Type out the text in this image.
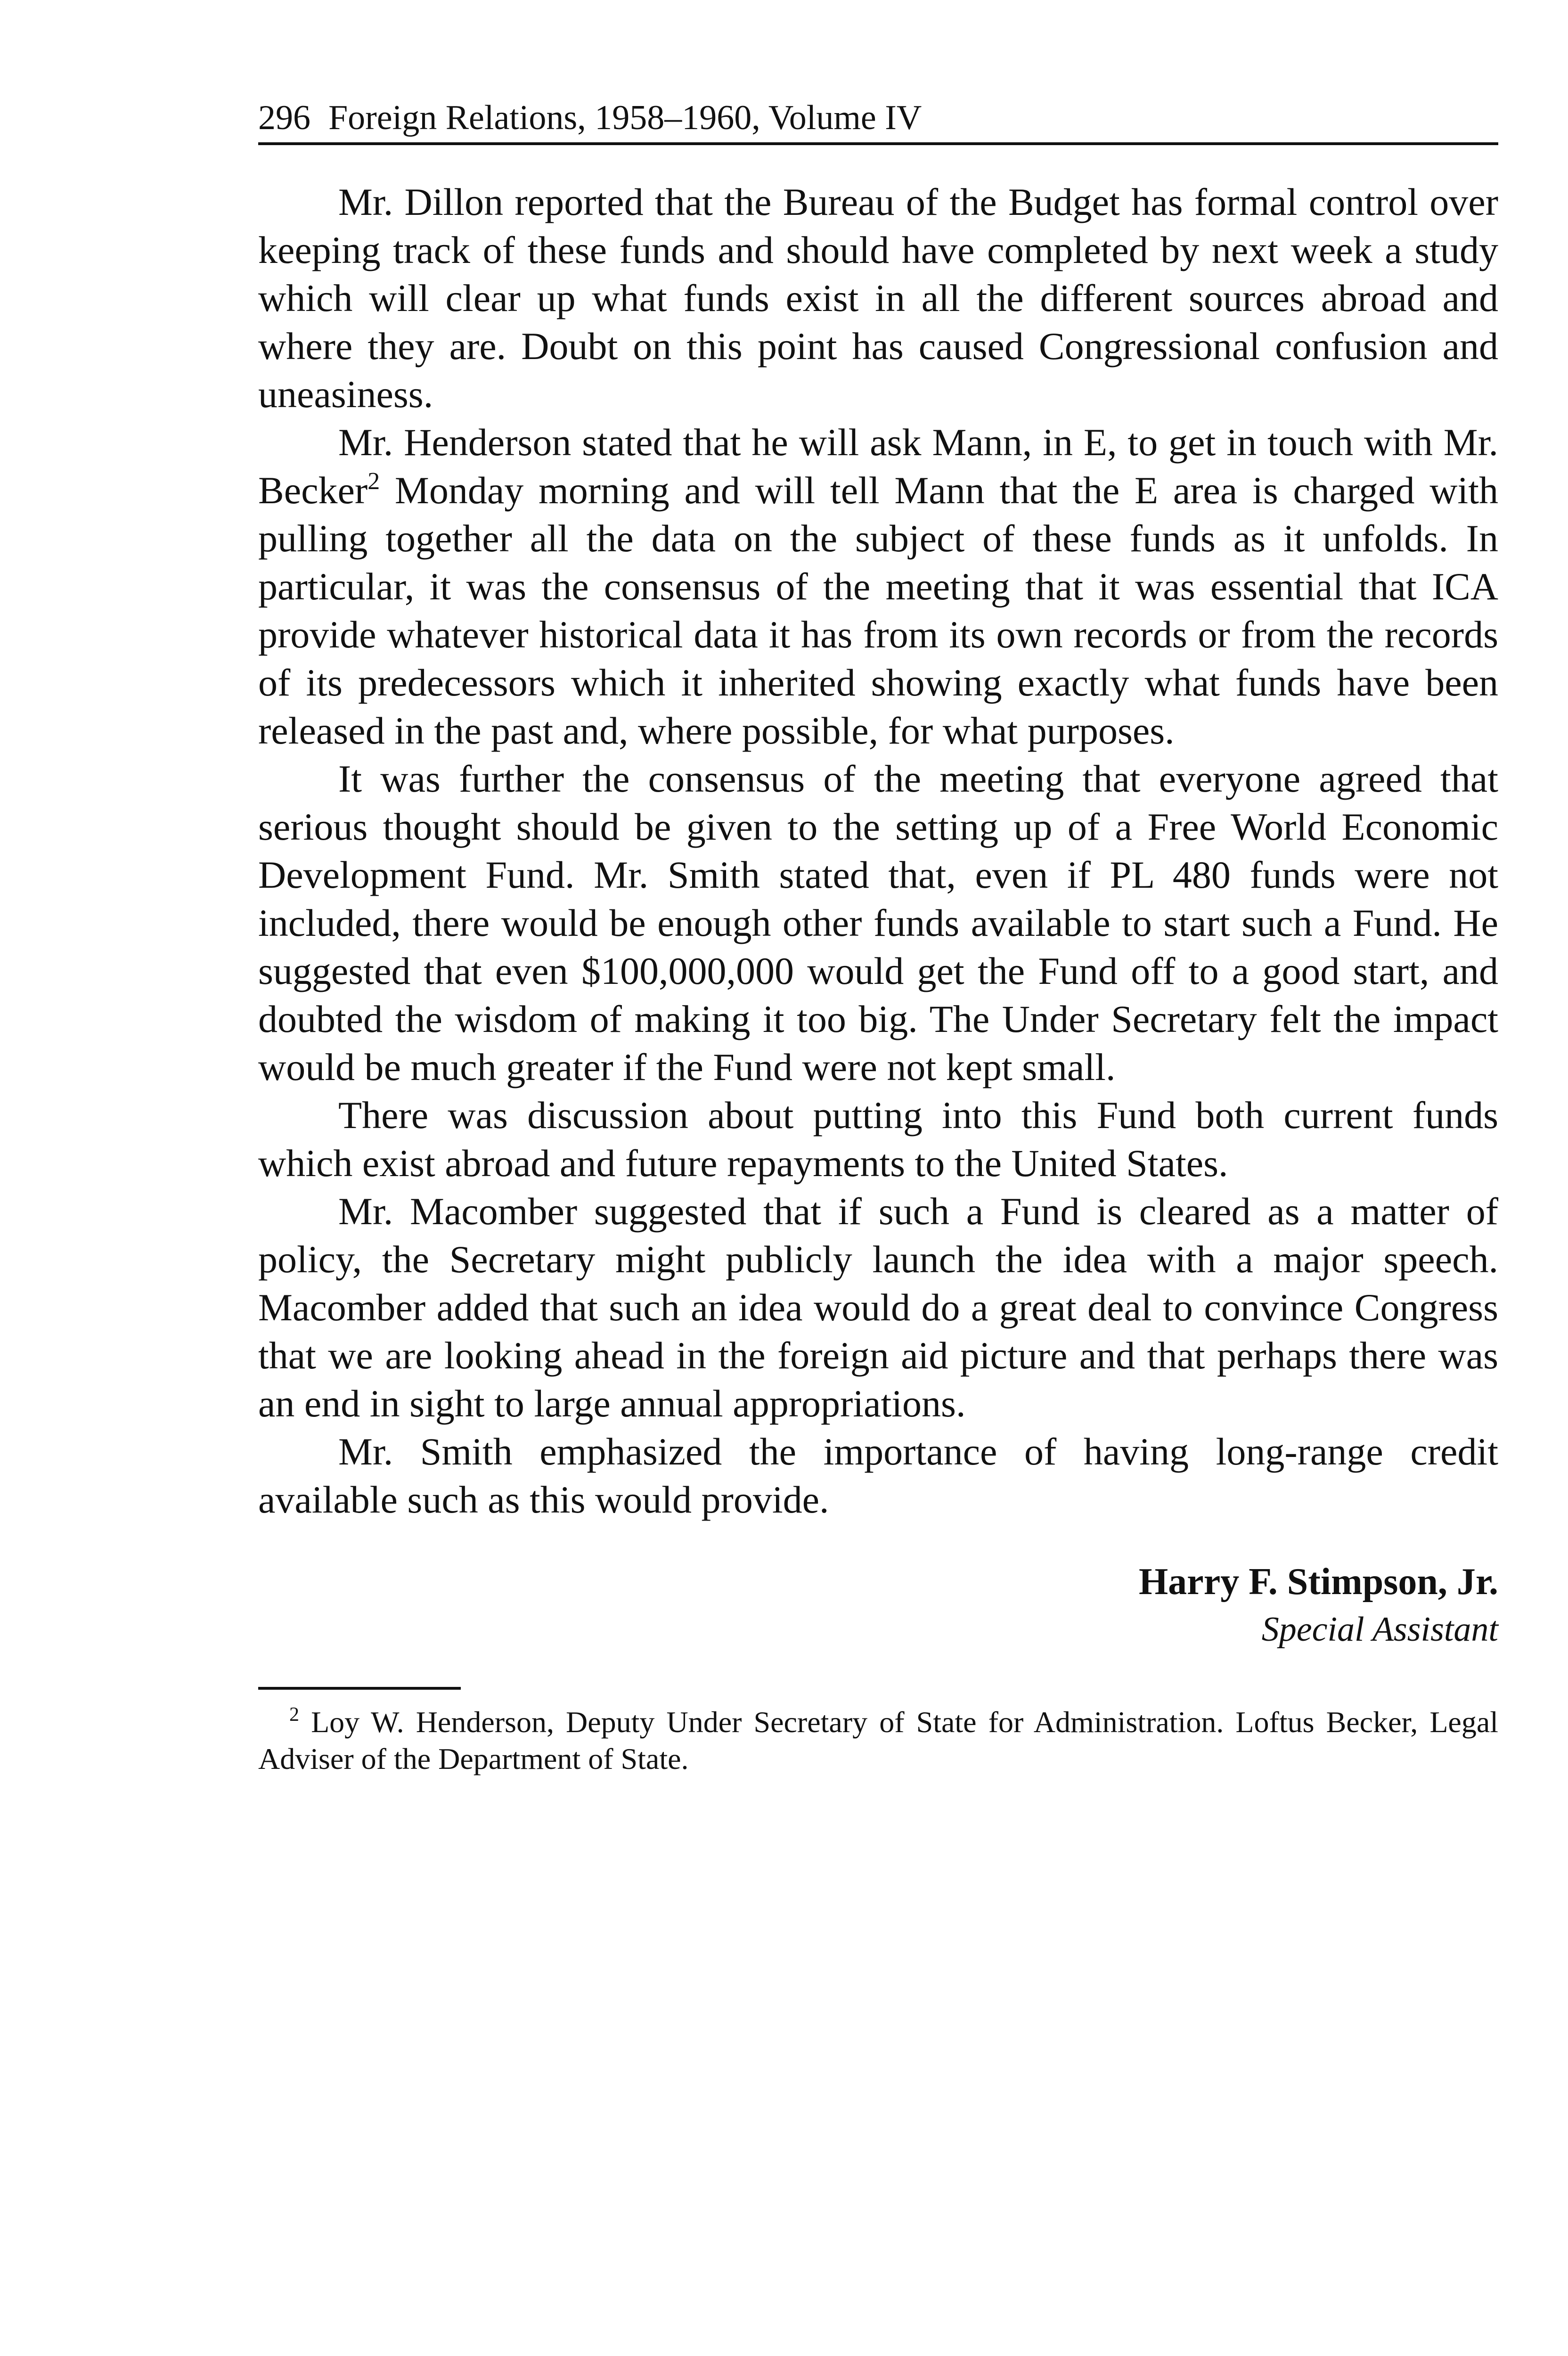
296 Foreign Relations, 1958–1960, Volume IV

Mr. Dillon reported that the Bureau of the Budget has formal control over keeping track of these funds and should have completed by next week a study which will clear up what funds exist in all the different sources abroad and where they are. Doubt on this point has caused Congressional confusion and uneasiness.

Mr. Henderson stated that he will ask Mann, in E, to get in touch with Mr. Becker$^2$ Monday morning and will tell Mann that the E area is charged with pulling together all the data on the subject of these funds as it unfolds. In particular, it was the consensus of the meeting that it was essential that ICA provide whatever historical data it has from its own records or from the records of its predecessors which it inherited showing exactly what funds have been released in the past and, where possible, for what purposes.

It was further the consensus of the meeting that everyone agreed that serious thought should be given to the setting up of a Free World Economic Development Fund. Mr. Smith stated that, even if PL 480 funds were not included, there would be enough other funds available to start such a Fund. He suggested that even $100,000,000 would get the Fund off to a good start, and doubted the wisdom of making it too big. The Under Secretary felt the impact would be much greater if the Fund were not kept small.

There was discussion about putting into this Fund both current funds which exist abroad and future repayments to the United States.

Mr. Macomber suggested that if such a Fund is cleared as a matter of policy, the Secretary might publicly launch the idea with a major speech. Macomber added that such an idea would do a great deal to convince Congress that we are looking ahead in the foreign aid picture and that perhaps there was an end in sight to large annual appropriations.

Mr. Smith emphasized the importance of having long-range credit available such as this would provide.

Harry F. Stimpson, Jr.
Special Assistant

$^2$ Loy W. Henderson, Deputy Under Secretary of State for Administration. Loftus Becker, Legal Adviser of the Department of State.
